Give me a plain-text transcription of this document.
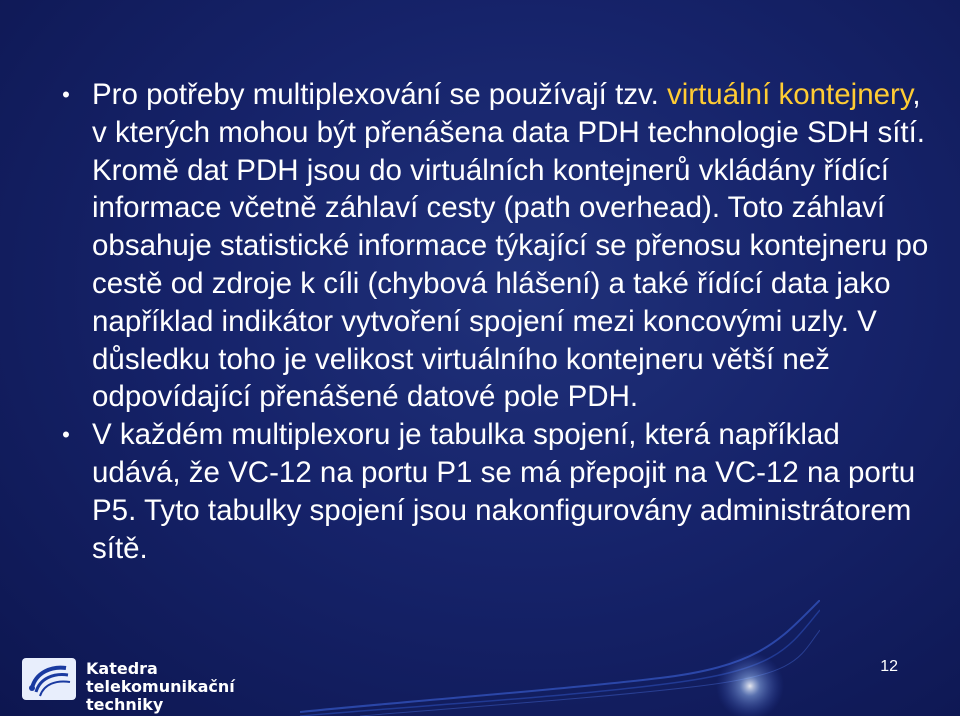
• Pro potřeby multiplexování se používají tzv. virtuální kontejnery, v kterých mohou být přenášena data PDH technologie SDH sítí. Kromě dat PDH jsou do virtuálních kontejnerů vkládány řídící informace včetně záhlaví cesty (path overhead). Toto záhlaví obsahuje statistické informace týkající se přenosu kontejneru po cestě od zdroje k cíli (chybová hlášení) a také řídící data jako například indikátor vytvoření spojení mezi koncovými uzly. V důsledku toho je velikost virtuálního kontejneru větší než odpovídající přenášené datové pole PDH.

• V každém multiplexoru je tabulka spojení, která například udává, že VC-12 na portu P1 se má přepojit na VC-12 na portu P5. Tyto tabulky spojení jsou nakonfigurovány administrátorem sítě.

Katedra
telekomunikační techniky
12
